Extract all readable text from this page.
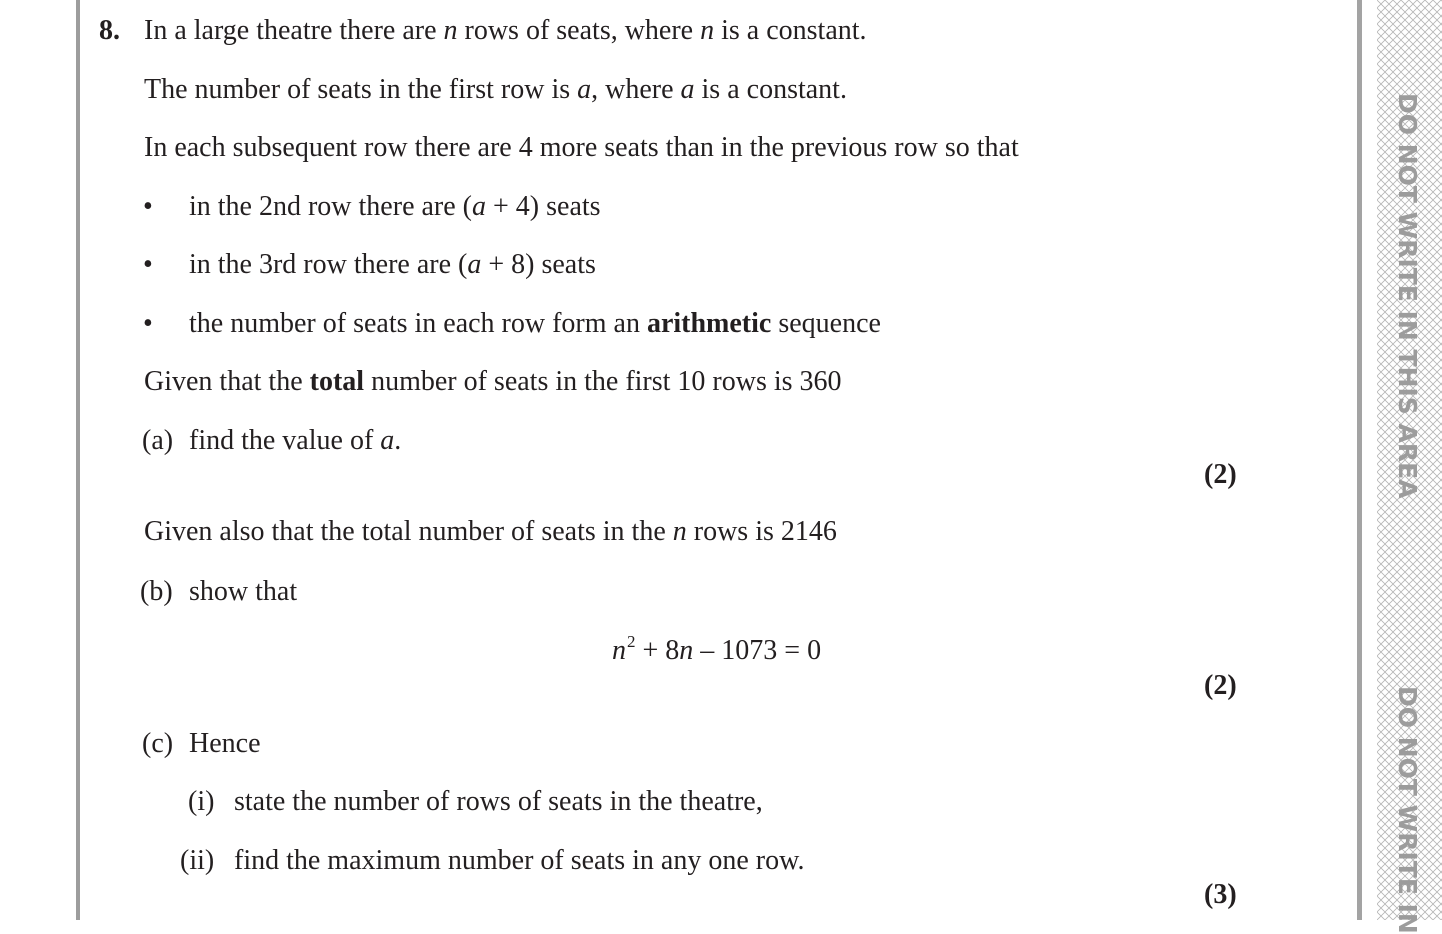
8. In a large theatre there are n rows of seats, where n is a constant.
The number of seats in the first row is a, where a is a constant.
In each subsequent row there are 4 more seats than in the previous row so that
• in the 2nd row there are (a + 4) seats
• in the 3rd row there are (a + 8) seats
• the number of seats in each row form an arithmetic sequence
Given that the total number of seats in the first 10 rows is 360
(a) find the value of a.
(2)
Given also that the total number of seats in the n rows is 2146
(b) show that
$n^2 + 8n - 1073 = 0$
(2)
(c) Hence
(i) state the number of rows of seats in the theatre,
(ii) find the maximum number of seats in any one row.
(3)
DO NOT WRITE IN THIS AREA
DO NOT WRITE IN
